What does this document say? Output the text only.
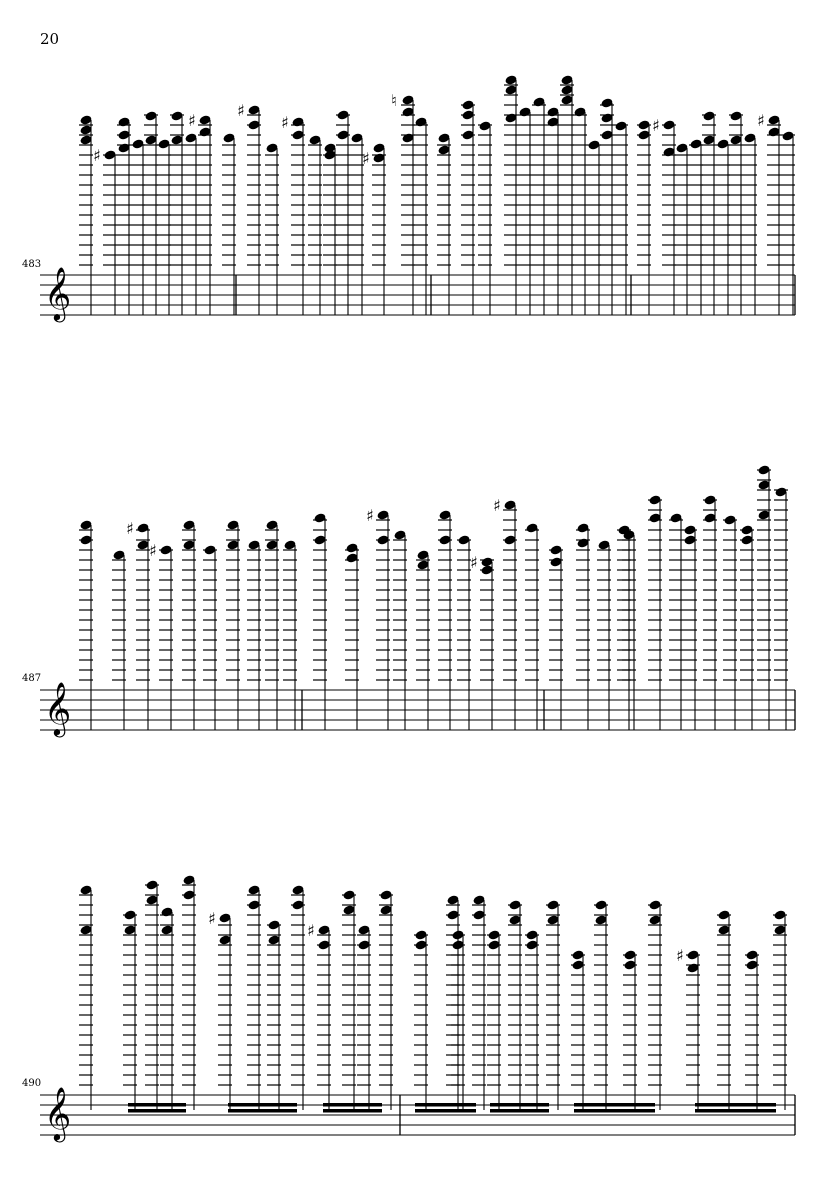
20
483
487
490
𝄞
♯
♯
♯
♯
♯
♮
♯	♯
𝄞
♯
♯
♯
♯
♯
𝄞
♯
♯
♯
